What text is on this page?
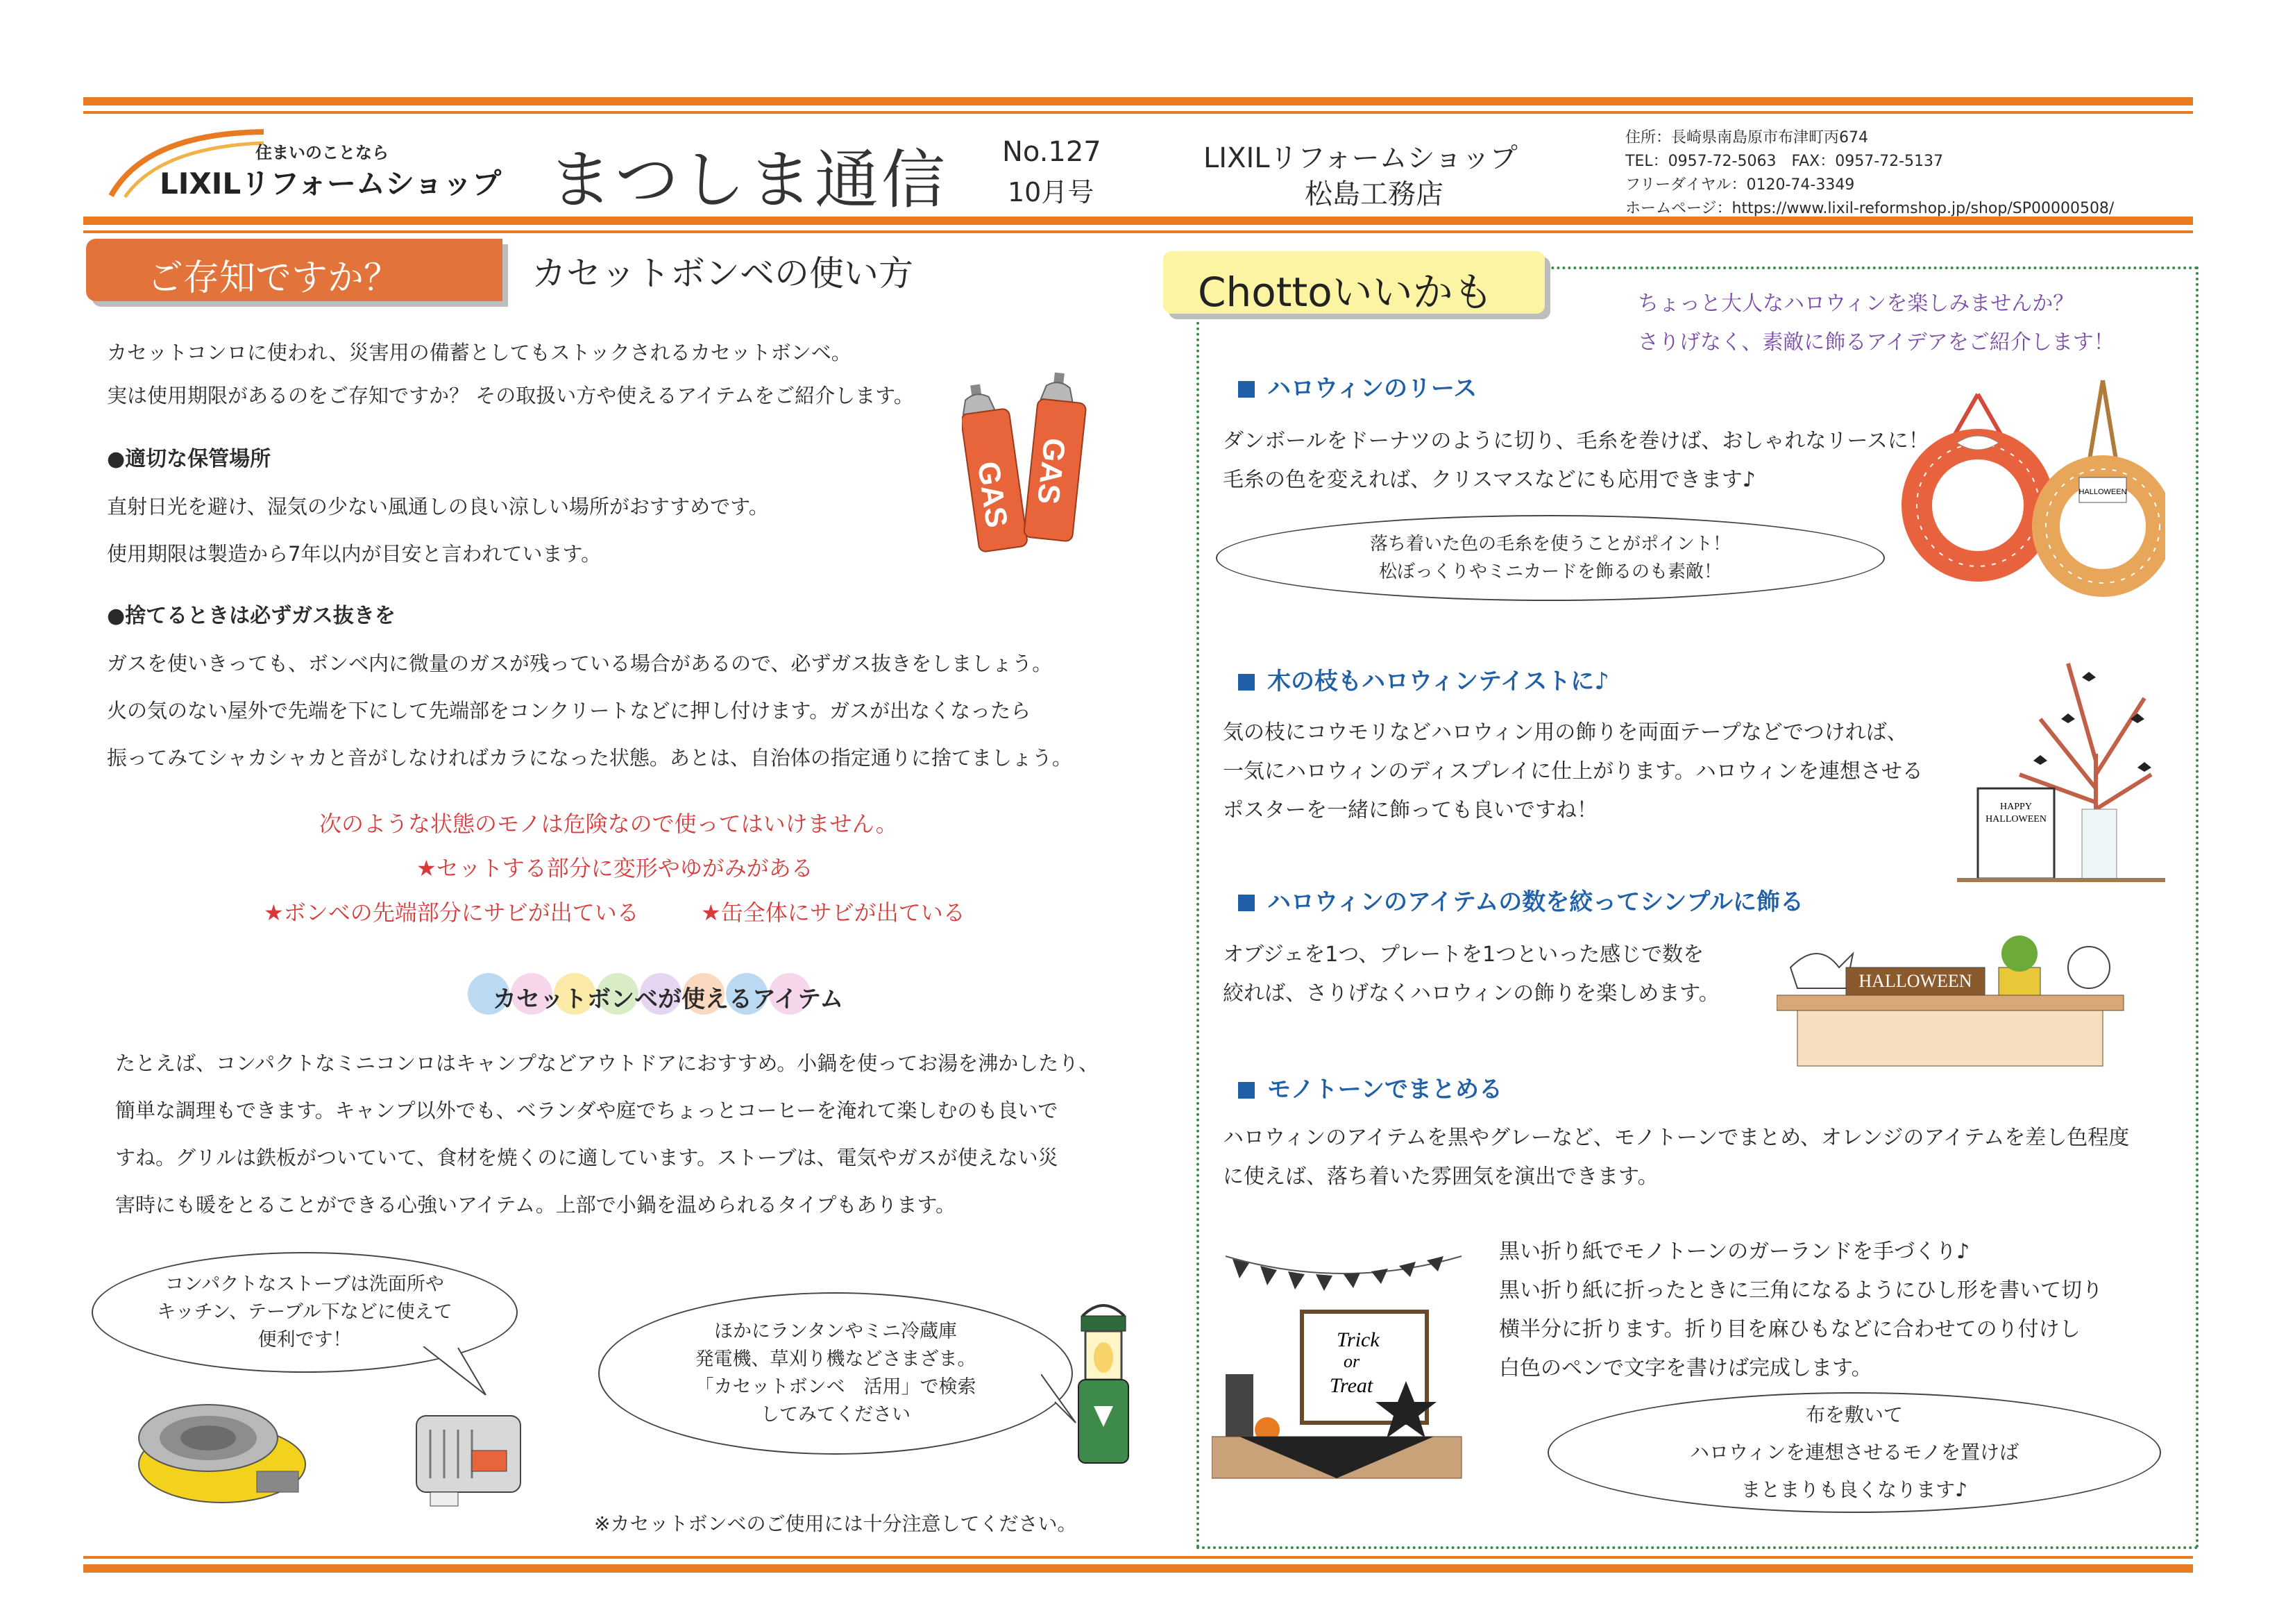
住まいのことなら
LIXILリフォームショップ まつしま通信 No.127
10月号
LIXILリフォームショップ
松島工務店
住所：長崎県南島原市布津町丙674
TEL：0957-72-5063　FAX：0957-72-5137
フリーダイヤル：0120-74-3349
ホームページ：https://www.lixil-reformshop.jp/shop/SP00000508/
ご存知ですか？	カセットボンベの使い方
カセットコンロに使われ、災害用の備蓄としてもストックされるカセットボンベ。
実は使用期限があるのをご存知ですか？ その取扱い方や使えるアイテムをご紹介します。
●適切な保管場所
直射日光を避け、湿気の少ない風通しの良い涼しい場所がおすすめです。
使用期限は製造から7年以内が目安と言われています。
●捨てるときは必ずガス抜きを
ガスを使いきっても、ボンベ内に微量のガスが残っている場合があるので、必ずガス抜きをしましょう。
火の気のない屋外で先端を下にして先端部をコンクリートなどに押し付けます。ガスが出なくなったら
振ってみてシャカシャカと音がしなければカラになった状態。あとは、自治体の指定通りに捨てましょう。
GAS GAS
次のような状態のモノは危険なので使ってはいけません。
★セットする部分に変形やゆがみがある
★ボンベの先端部分にサビが出ている	★缶全体にサビが出ている
カセットボンベが使えるアイテム
たとえば、コンパクトなミニコンロはキャンプなどアウトドアにおすすめ。小鍋を使ってお湯を沸かしたり、
簡単な調理もできます。キャンプ以外でも、ベランダや庭でちょっとコーヒーを淹れて楽しむのも良いで
すね。グリルは鉄板がついていて、食材を焼くのに適しています。ストーブは、電気やガスが使えない災
害時にも暖をとることができる心強いアイテム。上部で小鍋を温められるタイプもあります。
コンパクトなストーブは洗面所や
キッチン、テーブル下などに使えて
便利です！	ほかにランタンやミニ冷蔵庫
発電機、草刈り機などさまざま。
「カセットボンベ　活用」で検索
してみてください
※カセットボンベのご使用には十分注意してください。
Chottoいいかも	ちょっと大人なハロウィンを楽しみませんか？
さりげなく、素敵に飾るアイデアをご紹介します！
ハロウィンのリース
ダンボールをドーナツのように切り、毛糸を巻けば、おしゃれなリースに！
毛糸の色を変えれば、クリスマスなどにも応用できます♪
落ち着いた色の毛糸を使うことがポイント！
松ぼっくりやミニカードを飾るのも素敵！
HALLOWEEN
木の枝もハロウィンテイストに♪
気の枝にコウモリなどハロウィン用の飾りを両面テープなどでつければ、
一気にハロウィンのディスプレイに仕上がります。ハロウィンを連想させる
ポスターを一緒に飾っても良いですね！	HAPPY
HALLOWEEN
ハロウィンのアイテムの数を絞ってシンプルに飾る
オブジェを1つ、プレートを1つといった感じで数を
絞れば、さりげなくハロウィンの飾りを楽しめます。
HALLOWEEN
モノトーンでまとめる
ハロウィンのアイテムを黒やグレーなど、モノトーンでまとめ、オレンジのアイテムを差し色程度
に使えば、落ち着いた雰囲気を演出できます。
黒い折り紙でモノトーンのガーランドを手づくり♪
黒い折り紙に折ったときに三角になるようにひし形を書いて切り
横半分に折ります。折り目を麻ひもなどに合わせてのり付けし
白色のペンで文字を書けば完成します。
Trick
or
Treat
布を敷いて
ハロウィンを連想させるモノを置けば
まとまりも良くなります♪
